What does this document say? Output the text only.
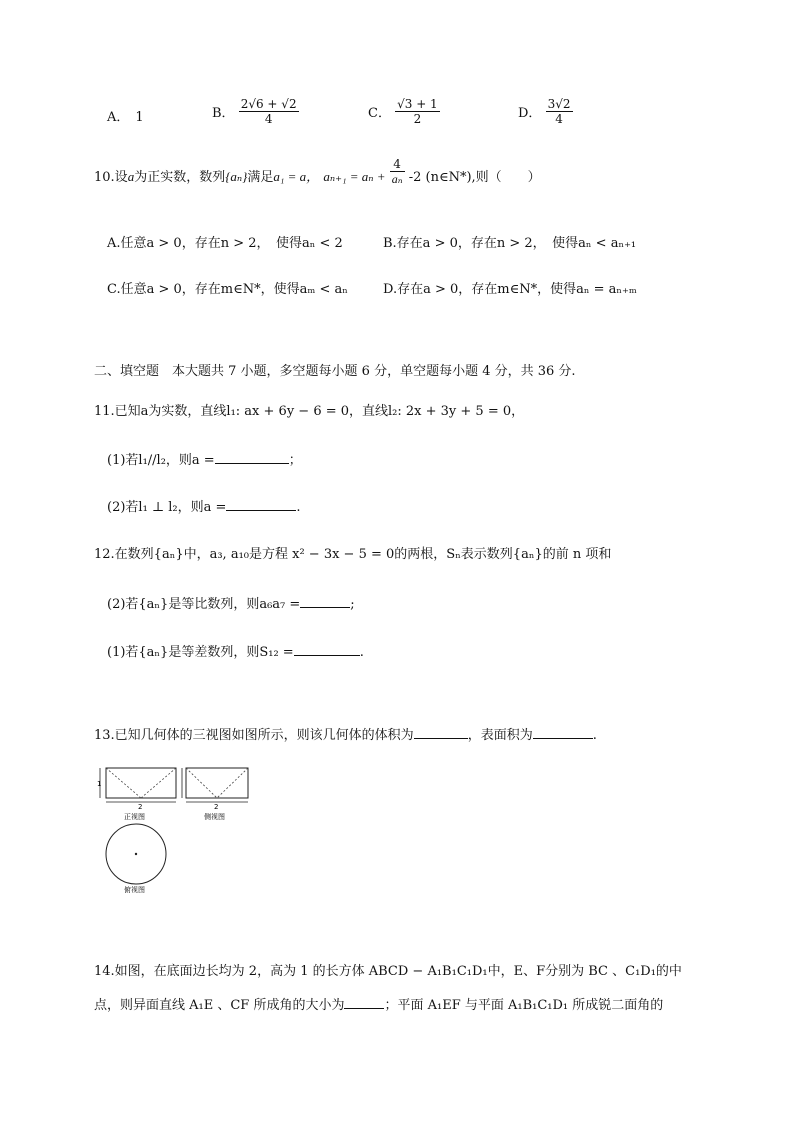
A． 1	B． $\frac{2√6 + √2}{4}$	C． $\frac{√3 + 1}{2}$	D． $\frac{3√2}{4}$
10.设a为正实数，数列{aₙ}满足a₁ = a， $a_{n+1} = a_n + \frac{4}{\text{aₙ}} -2$ (n∈N*),则（　　）
A.任意a > 0，存在n > 2，　使得aₙ < 2	B.存在a > 0，存在n > 2，　使得aₙ < aₙ₊₁
C.任意a > 0，存在m∈N*，使得aₘ < aₙ	D.存在a > 0，存在m∈N*，使得aₙ = aₙ₊ₘ
二、填空题　本大题共 7 小题，多空题每小题 6 分，单空题每小题 4 分，共 36 分.
11.已知a为实数，直线l₁: ax + 6y − 6 = 0，直线l₂: 2x + 3y + 5 = 0，
(1)若l₁//l₂，则a =	；
(2)若l₁ ⊥ l₂，则a =	.
12.在数列{aₙ}中，a₃, a₁₀是方程 x² − 3x − 5 = 0的两根，Sₙ表示数列{aₙ}的前 n 项和
(2)若{aₙ}是等比数列，则a₆a₇ =	;
(1)若{aₙ}是等差数列，则S₁₂ =	.
13.已知几何体的三视图如图所示，则该几何体的体积为	，表面积为	.
1
2
正视图
2
侧视图
俯视图
14.如图，在底面边长均为 2，高为 1 的长方体 ABCD − A₁B₁C₁D₁中，E、F分别为 BC 、C₁D₁的中
点，则异面直线 A₁E 、CF 所成角的大小为	；平面 A₁EF 与平面 A₁B₁C₁D₁ 所成锐二面角的
